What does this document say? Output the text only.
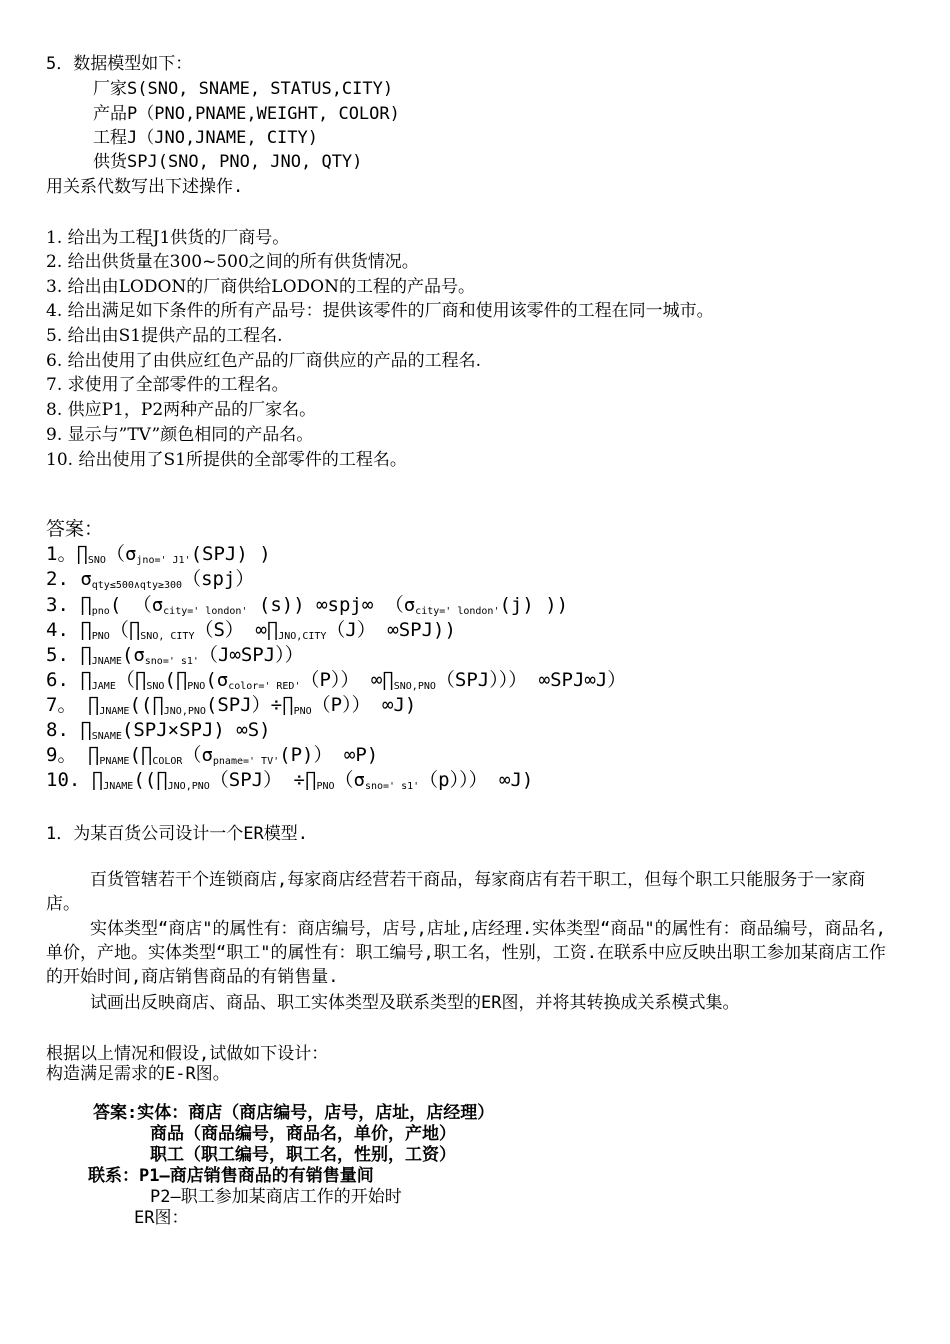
5．数据模型如下：
厂家S(SNO, SNAME, STATUS,CITY)
产品P（PNO,PNAME,WEIGHT, COLOR)
工程J（JNO,JNAME, CITY)
供货SPJ(SNO, PNO, JNO, QTY)
用关系代数写出下述操作.
1. 给出为工程J1供货的厂商号。
2. 给出供货量在300~500之间的所有供货情况。
3. 给出由LODON的厂商供给LODON的工程的产品号。
4. 给出满足如下条件的所有产品号：提供该零件的厂商和使用该零件的工程在同一城市。
5. 给出由S1提供产品的工程名.
6. 给出使用了由供应红色产品的厂商供应的产品的工程名.
7. 求使用了全部零件的工程名。
8. 供应P1，P2两种产品的厂家名。
9. 显示与”TV”颜色相同的产品名。
10. 给出使用了S1所提供的全部零件的工程名。
答案：
1。$\prod_{SNO}(\sigma_{jno=' J1'}(SPJ)$ )
2. $\sigma_{qty\le 500\wedge qty\ge 300}(spj)$
3. $\prod_{pno}$( （$\sigma_{city=' london'}$ (s)) ∞spj∞ （$\sigma_{city=' london'}(j)$ ))
4. $\prod_{PNO}(\prod_{SNO, CITY}(S)$ $\infty\prod_{JNO,CITY}(J)$ ∞SPJ))
5. $\prod_{JNAME}(\sigma_{sno=' s1'}(J\infty SPJ))$
6. $\prod_{JAME}(\prod_{SNO}(\prod_{PNO}(\sigma_{color=' RED'}(P))$ $\infty\prod_{SNO,PNO}(SPJ)$）） ∞SPJ∞J）
7。 $\prod_{JNAME}((\prod_{JNO,PNO}(SPJ)\div\prod_{PNO}(P))$ ∞J)
8. $\prod_{SNAME}(SPJ\times SPJ)$ ∞S)
9。 $\prod_{PNAME}(\prod_{COLOR}(\sigma_{pname=' TV'}(P))$ ∞P)
10. $\prod_{JNAME}((\prod_{JNO,PNO}(SPJ)$ $\div\prod_{PNO}(\sigma_{sno=' s1'}(p))$） ∞J)
1．为某百货公司设计一个ER模型.
百货管辖若干个连锁商店,每家商店经营若干商品，每家商店有若干职工，但每个职工只能服务于一家商店。
实体类型“商店"的属性有：商店编号，店号,店址,店经理.实体类型“商品"的属性有：商品编号，商品名,单价，产地。实体类型“职工"的属性有：职工编号,职工名，性别，工资.在联系中应反映出职工参加某商店工作的开始时间,商店销售商品的有销售量.
试画出反映商店、商品、职工实体类型及联系类型的ER图，并将其转换成关系模式集。
根据以上情况和假设,试做如下设计：
构造满足需求的E-R图。
答案:实体：商店（商店编号，店号，店址，店经理）
商品（商品编号，商品名，单价，产地）
职工（职工编号，职工名，性别，工资）
联系：P1—商店销售商品的有销售量间
P2—职工参加某商店工作的开始时
ER图：
